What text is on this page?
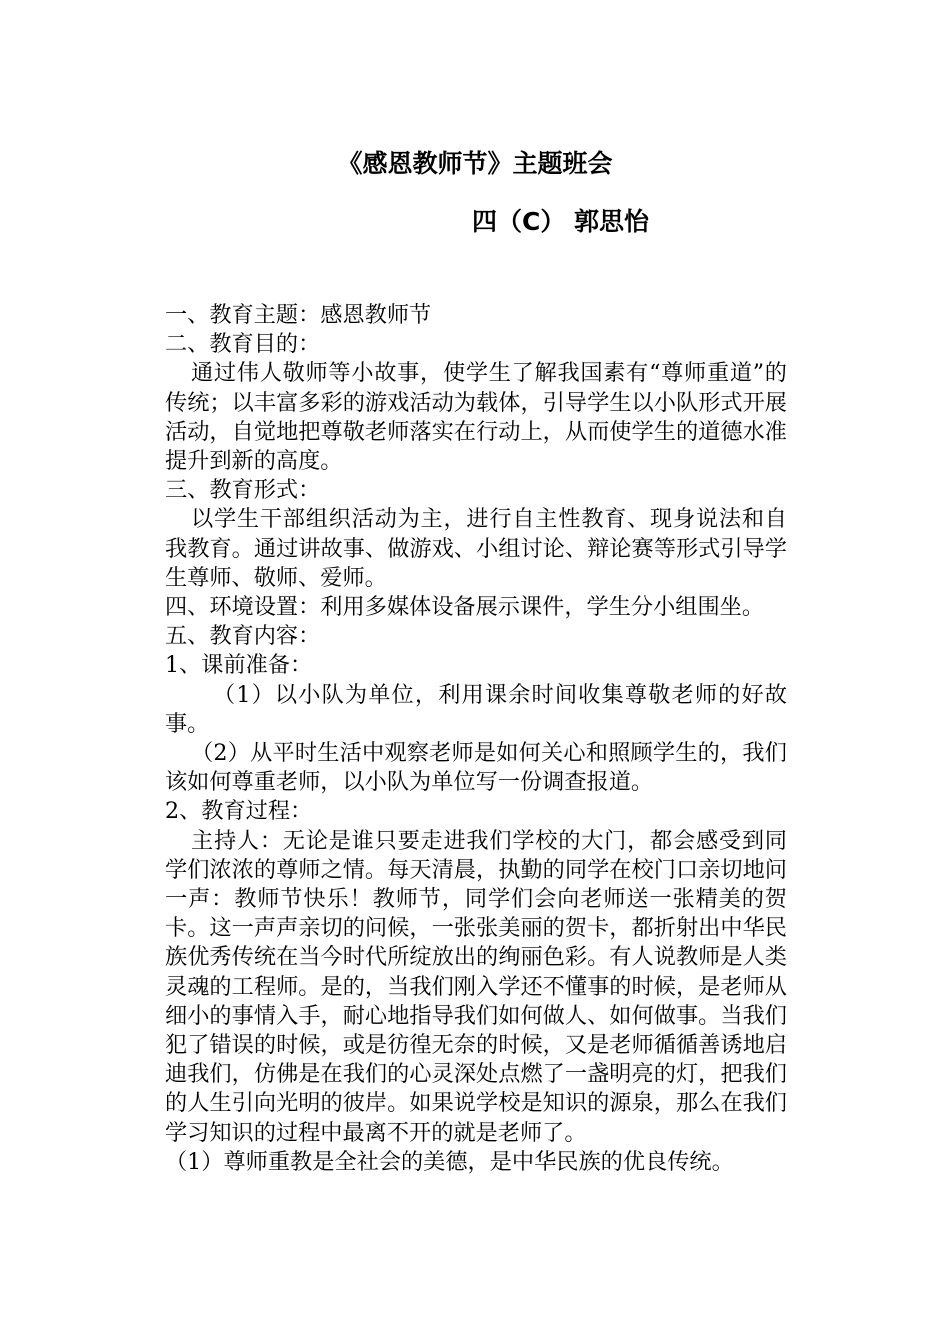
《感恩教师节》主题班会
四（C） 郭思怡

一、教育主题：感恩教师节

二、教育目的：

通过伟人敬师等小故事，使学生了解我国素有“尊师重道”的传统；以丰富多彩的游戏活动为载体，引导学生以小队形式开展活动，自觉地把尊敬老师落实在行动上，从而使学生的道德水准提升到新的高度。

三、教育形式：

以学生干部组织活动为主，进行自主性教育、现身说法和自我教育。通过讲故事、做游戏、小组讨论、辩论赛等形式引导学生尊师、敬师、爱师。

四、环境设置：利用多媒体设备展示课件，学生分小组围坐。

五、教育内容：

1、课前准备：

（1）以小队为单位，利用课余时间收集尊敬老师的好故事。

（2）从平时生活中观察老师是如何关心和照顾学生的，我们该如何尊重老师，以小队为单位写一份调查报道。

2、教育过程：

主持人：无论是谁只要走进我们学校的大门，都会感受到同学们浓浓的尊师之情。每天清晨，执勤的同学在校门口亲切地问一声：教师节快乐！教师节，同学们会向老师送一张精美的贺卡。这一声声亲切的问候，一张张美丽的贺卡，都折射出中华民族优秀传统在当今时代所绽放出的绚丽色彩。有人说教师是人类灵魂的工程师。是的，当我们刚入学还不懂事的时候，是老师从细小的事情入手，耐心地指导我们如何做人、如何做事。当我们犯了错误的时候，或是彷徨无奈的时候，又是老师循循善诱地启迪我们，仿佛是在我们的心灵深处点燃了一盏明亮的灯，把我们的人生引向光明的彼岸。如果说学校是知识的源泉，那么在我们学习知识的过程中最离不开的就是老师了。

（1）尊师重教是全社会的美德，是中华民族的优良传统。
